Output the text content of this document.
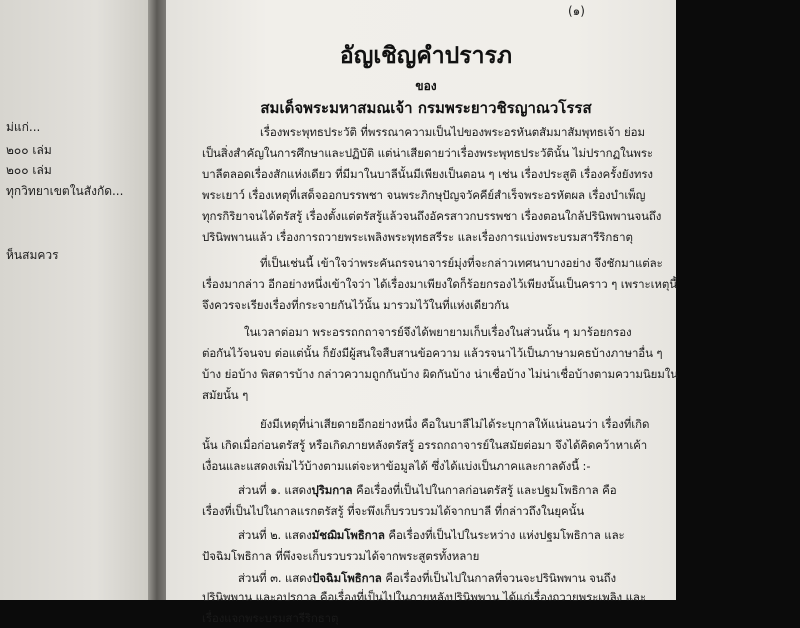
ม่แก่...
๒๐๐ เล่ม
๒๐๐ เล่ม
ทุกวิทยาเขตในสังกัด...
ห็นสมควร
(๑)
อัญเชิญคำปรารภ
ของ
สมเด็จพระมหาสมณเจ้า กรมพระยาวชิรญาณวโรรส
เรื่องพระพุทธประวัติ ที่พรรณาความเป็นไปของพระอรหันตสัมมาสัมพุทธเจ้า ย่อม
เป็นสิ่งสำคัญในการศึกษาและปฏิบัติ แต่น่าเสียดายว่าเรื่องพระพุทธประวัตินั้น ไม่ปรากฏในพระ
บาลีตลอดเรื่องสักแห่งเดียว ที่มีมาในบาลีนั้นมีเพียงเป็นตอน ๆ เช่น เรื่องประสูติ เรื่องครั้งยังทรง
พระเยาว์ เรื่องเหตุที่เสด็จออกบรรพชา จนพระภิกษุปัญจวัคคีย์สำเร็จพระอรหัตผล เรื่องบำเพ็ญ
ทุกรกิริยาจนได้ตรัสรู้ เรื่องตั้งแต่ตรัสรู้แล้วจนถึงอัครสาวกบรรพชา เรื่องตอนใกล้ปรินิพพานจนถึง
ปรินิพพานแล้ว เรื่องการถวายพระเพลิงพระพุทธสรีระ และเรื่องการแบ่งพระบรมสารีริกธาตุ
ที่เป็นเช่นนี้ เข้าใจว่าพระคันถรจนาจารย์มุ่งที่จะกล่าวเทศนาบางอย่าง จึงชักมาแต่ละ
เรื่องมากล่าว อีกอย่างหนึ่งเข้าใจว่า ได้เรื่องมาเพียงใดก็ร้อยกรองไว้เพียงนั้นเป็นคราว ๆ เพราะเหตุนี้
จึงควรจะเรียงเรื่องที่กระจายกันไว้นั้น มารวมไว้ในที่แห่งเดียวกัน
ในเวลาต่อมา พระอรรถกถาจารย์จึงได้พยายามเก็บเรื่องในส่วนนั้น ๆ มาร้อยกรอง
ต่อกันไว้จนจบ ต่อแต่นั้น ก็ยังมีผู้สนใจสืบสานข้อความ แล้วรจนาไว้เป็นภาษามคธบ้างภาษาอื่น ๆ
บ้าง ย่อบ้าง พิสดารบ้าง กล่าวความถูกกันบ้าง ผิดกันบ้าง น่าเชื่อบ้าง ไม่น่าเชื่อบ้างตามความนิยมใน
สมัยนั้น ๆ
ยังมีเหตุที่น่าเสียดายอีกอย่างหนึ่ง คือในบาลีไม่ได้ระบุกาลให้แน่นอนว่า เรื่องที่เกิด
นั้น เกิดเมื่อก่อนตรัสรู้ หรือเกิดภายหลังตรัสรู้ อรรถกถาจารย์ในสมัยต่อมา จึงได้คิดคว้าหาเค้า
เงื่อนและแสดงเพิ่มไว้บ้างตามแต่จะหาข้อมูลได้ ซึ่งได้แบ่งเป็นภาคและกาลดังนี้ :-
ส่วนที่ ๑. แสดงปุริมกาล คือเรื่องที่เป็นไปในกาลก่อนตรัสรู้ และปฐมโพธิกาล คือ
เรื่องที่เป็นไปในกาลแรกตรัสรู้ ที่จะพึงเก็บรวบรวมได้จากบาลี ที่กล่าวถึงในยุคนั้น
ส่วนที่ ๒. แสดงมัชฌิมโพธิกาล คือเรื่องที่เป็นไปในระหว่าง แห่งปฐมโพธิกาล และ
ปัจฉิมโพธิกาล ที่พึงจะเก็บรวบรวมได้จากพระสูตรทั้งหลาย
ส่วนที่ ๓. แสดงปัจฉิมโพธิกาล คือเรื่องที่เป็นไปในกาลที่จวนจะปรินิพพาน จนถึง
ปรินิพพาน และอปรกาล คือเรื่องที่เป็นไปในภายหลังปรินิพพาน ได้แก่เรื่องถวายพระเพลิง และ
เรื่องแจกพระบรมสารีริกธาตุ
